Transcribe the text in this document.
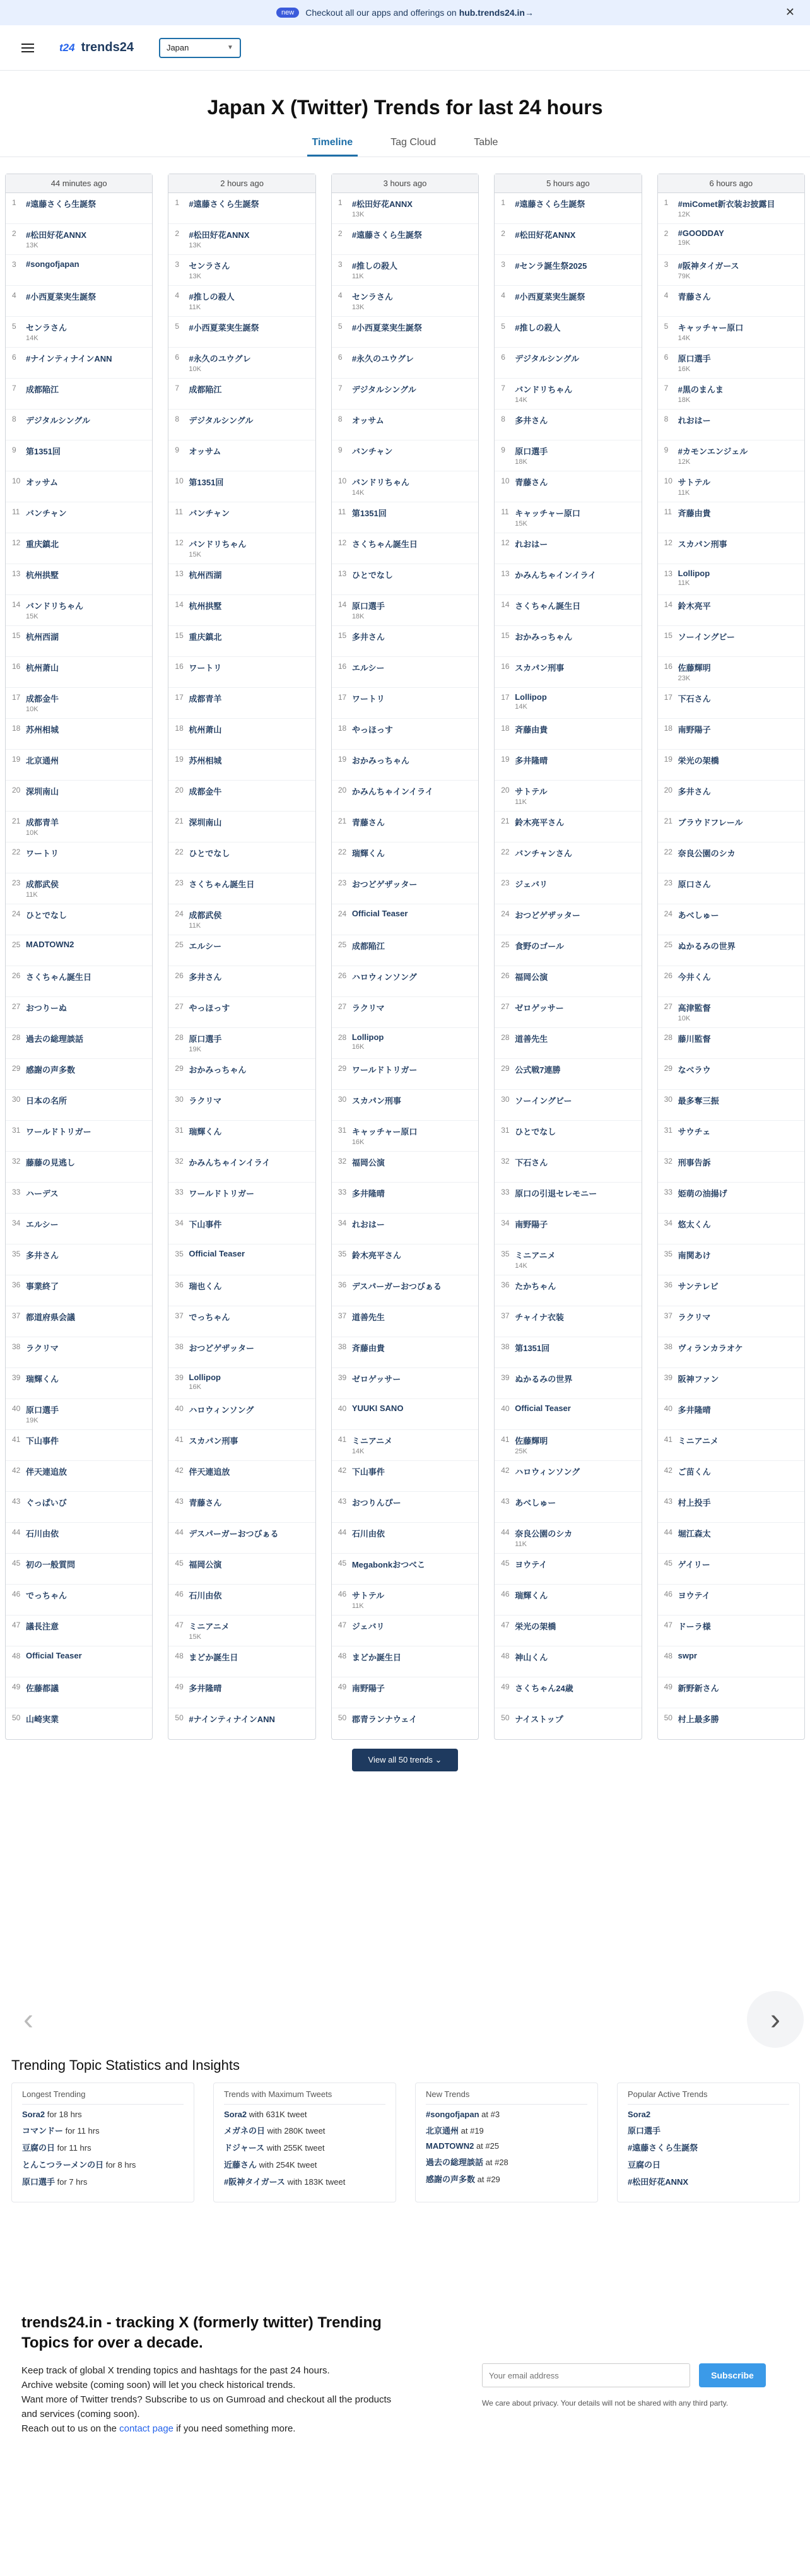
new	Checkout all our apps and offerings on hub.trends24.in →	✕
t24 trends24	Japan	▼
Japan X (Twitter) Trends for last 24 hours
Timeline	Tag Cloud	Table
44 minutes ago
1	#遠藤さくら生誕祭
2	#松田好花ANNX
13K
3	#songofjapan
4	#小西夏菜実生誕祭
5	センラさん
14K
6	#ナインティナインANN
7	成都陥江
8	デジタルシングル
9	第1351回
10 オッサム
11 バンチャン
12 重庆鎮北
13 杭州拱墅
14 バンドリちゃん
15K
15 杭州西湖
16 杭州萧山
17 成都金牛
10K
18 苏州相城
19 北京通州
20 深圳南山
21 成都青羊
10K
22 ワートリ
23 成都武侯
11K
24 ひとでなし
25 MADTOWN2
26 さくちゃん誕生日
27 おつりーぬ
28 過去の総理談話
29 感謝の声多数
30 日本の名所
31 ワールドトリガー
32 藤藤の見逃し
33 ハーデス
34 エルシー
35 多井さん
36 事業終了
37 都道府県会議
38 ラクリマ
39 瑞輝くん
40 原口選手
19K
41 下山事件
42 伴天連追放
43 ぐっぱいび
44 石川由依
45 初の一般質問
46 でっちゃん
47 議長注意
48 Official Teaser
49 佐藤都議
50 山崎実業
2 hours ago
1	#遠藤さくら生誕祭
2	#松田好花ANNX
13K
3	センラさん
13K
4	#推しの殺人
11K
5	#小西夏菜実生誕祭
6	#永久のユウグレ
10K
7	成都陥江
8	デジタルシングル
9	オッサム
10 第1351回
11 バンチャン
12 バンドリちゃん
15K
13 杭州西湖
14 杭州拱墅
15 重庆鎮北
16 ワートリ
17 成都青羊
18 杭州萧山
19 苏州相城
20 成都金牛
21 深圳南山
22 ひとでなし
23 さくちゃん誕生日
24 成都武侯
11K
25 エルシー
26 多井さん
27 やっほっす
28 原口選手
19K
29 おかみっちゃん
30 ラクリマ
31 瑞輝くん
32 かみんちゃインイライ
33 ワールドトリガー
34 下山事件
35 Official Teaser
36 瑞也くん
37 でっちゃん
38 おつどゲザッター
39 Lollipop
16K
40 ハロウィンソング
41 スカパン刑事
42 伴天連追放
43 青藤さん
44 デスパーガーおつびぁる
45 福岡公演
46 石川由依
47 ミニアニメ
15K
48 まどか誕生日
49 多井隆晴
50 #ナインティナインANN
3 hours ago
1	#松田好花ANNX
13K
2	#遠藤さくら生誕祭
3	#推しの殺人
11K
4	センラさん
13K
5	#小西夏菜実生誕祭
6	#永久のユウグレ
7	デジタルシングル
8	オッサム
9	バンチャン
10 バンドリちゃん
14K
11 第1351回
12 さくちゃん誕生日
13 ひとでなし
14 原口選手
18K
15 多井さん
16 エルシー
17 ワートリ
18 やっほっす
19 おかみっちゃん
20 かみんちゃインイライ
21 青藤さん
22 瑞輝くん
23 おつどゲザッター
24 Official Teaser
25 成都陥江
26 ハロウィンソング
27 ラクリマ
28 Lollipop
16K
29 ワールドトリガー
30 スカパン刑事
31 キャッチャー原口
16K
32 福岡公演
33 多井隆晴
34 れおはー
35 鈴木亮平さん
36 デスパーガーおつびぁる
37 道善先生
38 斉藤由貴
39 ゼロゲッサー
40 YUUKI SANO
41 ミニアニメ
14K
42 下山事件
43 おつりんぴー
44 石川由依
45 Megabonkおつべこ
46 サトテル
11K
47 ジェバリ
48 まどか誕生日
49 南野陽子
50 郡青ランナウェイ
5 hours ago
1	#遠藤さくら生誕祭
2	#松田好花ANNX
3	#センラ誕生祭2025
4	#小西夏菜実生誕祭
5	#推しの殺人
6	デジタルシングル
7	バンドリちゃん
14K
8	多井さん
9	原口選手
18K
10 青藤さん
11 キャッチャー原口
15K
12 れおはー
13 かみんちゃインイライ
14 さくちゃん誕生日
15 おかみっちゃん
16 スカパン刑事
17 Lollipop
14K
18 斉藤由貴
19 多井隆晴
20 サトテル
11K
21 鈴木亮平さん
22 バンチャンさん
23 ジェバリ
24 おつどゲザッター
25 食野のゴール
26 福岡公演
27 ゼロゲッサー
28 道善先生
29 公式戦7連勝
30 ソーイングビー
31 ひとでなし
32 下石さん
33 原口の引退セレモニー
34 南野陽子
35 ミニアニメ
14K
36 たかちゃん
37 チャイナ衣装
38 第1351回
39 ぬかるみの世界
40 Official Teaser
41 佐藤輝明
25K
42 ハロウィンソング
43 あべしゅー
44 奈良公園のシカ
11K
45 ヨウテイ
46 瑞輝くん
47 栄光の架橋
48 神山くん
49 さくちゃん24歳
50 ナイストップ
6 hours ago
1	#miComet新衣装お披露目
12K
2	#GOODDAY
19K
3	#阪神タイガース
79K
4	青藤さん
5	キャッチャー原口
14K
6	原口選手
16K
7	#黒のまんま
18K
8	れおはー
9	#カモンエンジェル
12K
10 サトテル
11K
11 斉藤由貴
12 スカパン刑事
13 Lollipop
11K
14 鈴木亮平
15 ソーイングビー
16 佐藤輝明
23K
17 下石さん
18 南野陽子
19 栄光の架橋
20 多井さん
21 ブラウドフレール
22 奈良公園のシカ
23 原口さん
24 あべしゅー
25 ぬかるみの世界
26 今井くん
27 高津監督
10K
28 藤川監督
29 なベラウ
30 最多奪三振
31 サウチェ
32 刑事告訴
33 姫萌の油揚げ
34 悠太くん
35 南関あけ
36 サンテレビ
37 ラクリマ
38 ヴィランカラオケ
39 阪神ファン
40 多井隆晴
41 ミニアニメ
42 ご苗くん
43 村上投手
44 堀江森太
45 ゲイリー
46 ヨウテイ
47 ドーラ様
48 swpr
49 新野新さん
50 村上最多勝
View all 50 trends ⌄
‹	›
Trending Topic Statistics and Insights
Longest Trending
Sora2 for 18 hrs
コマンドー for 11 hrs
豆腐の日 for 11 hrs
とんこつラーメンの日 for 8 hrs
原口選手 for 7 hrs
Trends with Maximum Tweets
Sora2 with 631K tweet
メガネの日 with 280K tweet
ドジャース with 255K tweet
近藤さん with 254K tweet
#阪神タイガース with 183K tweet
New Trends
#songofjapan at #3
北京通州 at #19
MADTOWN2 at #25
過去の総理談話 at #28
感謝の声多数 at #29
Popular Active Trends
Sora2
原口選手
#遠藤さくら生誕祭
豆腐の日
#松田好花ANNX
trends24.in - tracking X (formerly twitter) Trending Topics for over a decade.

Keep track of global X trending topics and hashtags for the past 24 hours.
Archive website (coming soon) will let you check historical trends.
Want more of Twitter trends? Subscribe to us on Gumroad and checkout all the products and services (coming soon).
Reach out to us on the contact page if you need something more.

Your email address
Subscribe
We care about privacy. Your details will not be shared with any third party.
